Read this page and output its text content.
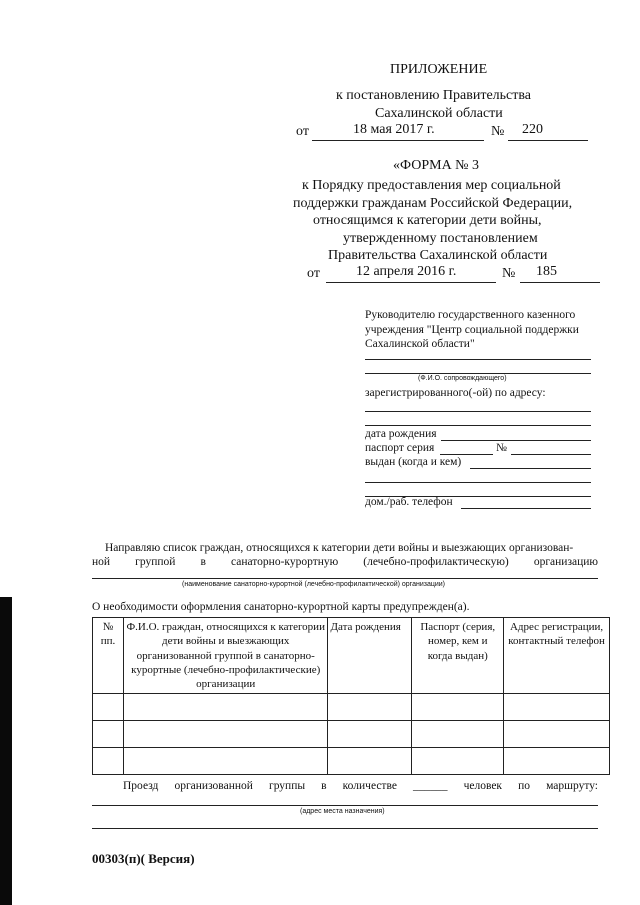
ПРИЛОЖЕНИЕ
к постановлению Правительства
Сахалинской области
от	18 мая 2017 г.	№ 220
«ФОРМА № 3
к Порядку предоставления мер социальной
поддержки гражданам Российской Федерации,
относящимся к категории дети войны,
утвержденному постановлением
Правительства Сахалинской области
от	12 апреля 2016 г.	№ 185
Руководителю государственного казенного
учреждения "Центр социальной поддержки
Сахалинской области"
(Ф.И.О. сопровождающего)
зарегистрированного(-ой) по адресу:
дата рождения
паспорт серия	№
выдан (когда и кем)
дом./раб. телефон
Направляю список граждан, относящихся к категории дети войны и выезжающих организован-
ной группой в санаторно-курортную (лечебно-профилактическую) организацию
(наименование санаторно-курортной (лечебно-профилактической) организации)
О необходимости оформления санаторно-курортной карты предупрежден(а).
№ пп.	Ф.И.О. граждан, относящихся к категории дети войны и выезжающих организованной группой в санаторно-курортные (лечебно-профилактические) организации	Дата рождения	Паспорт (серия, номер, кем и когда выдан)	Адрес регистрации, контактный телефон

Проезд организованной группы в количестве ______ человек по маршруту:
(адрес места назначения)
00303(п)( Версия)
